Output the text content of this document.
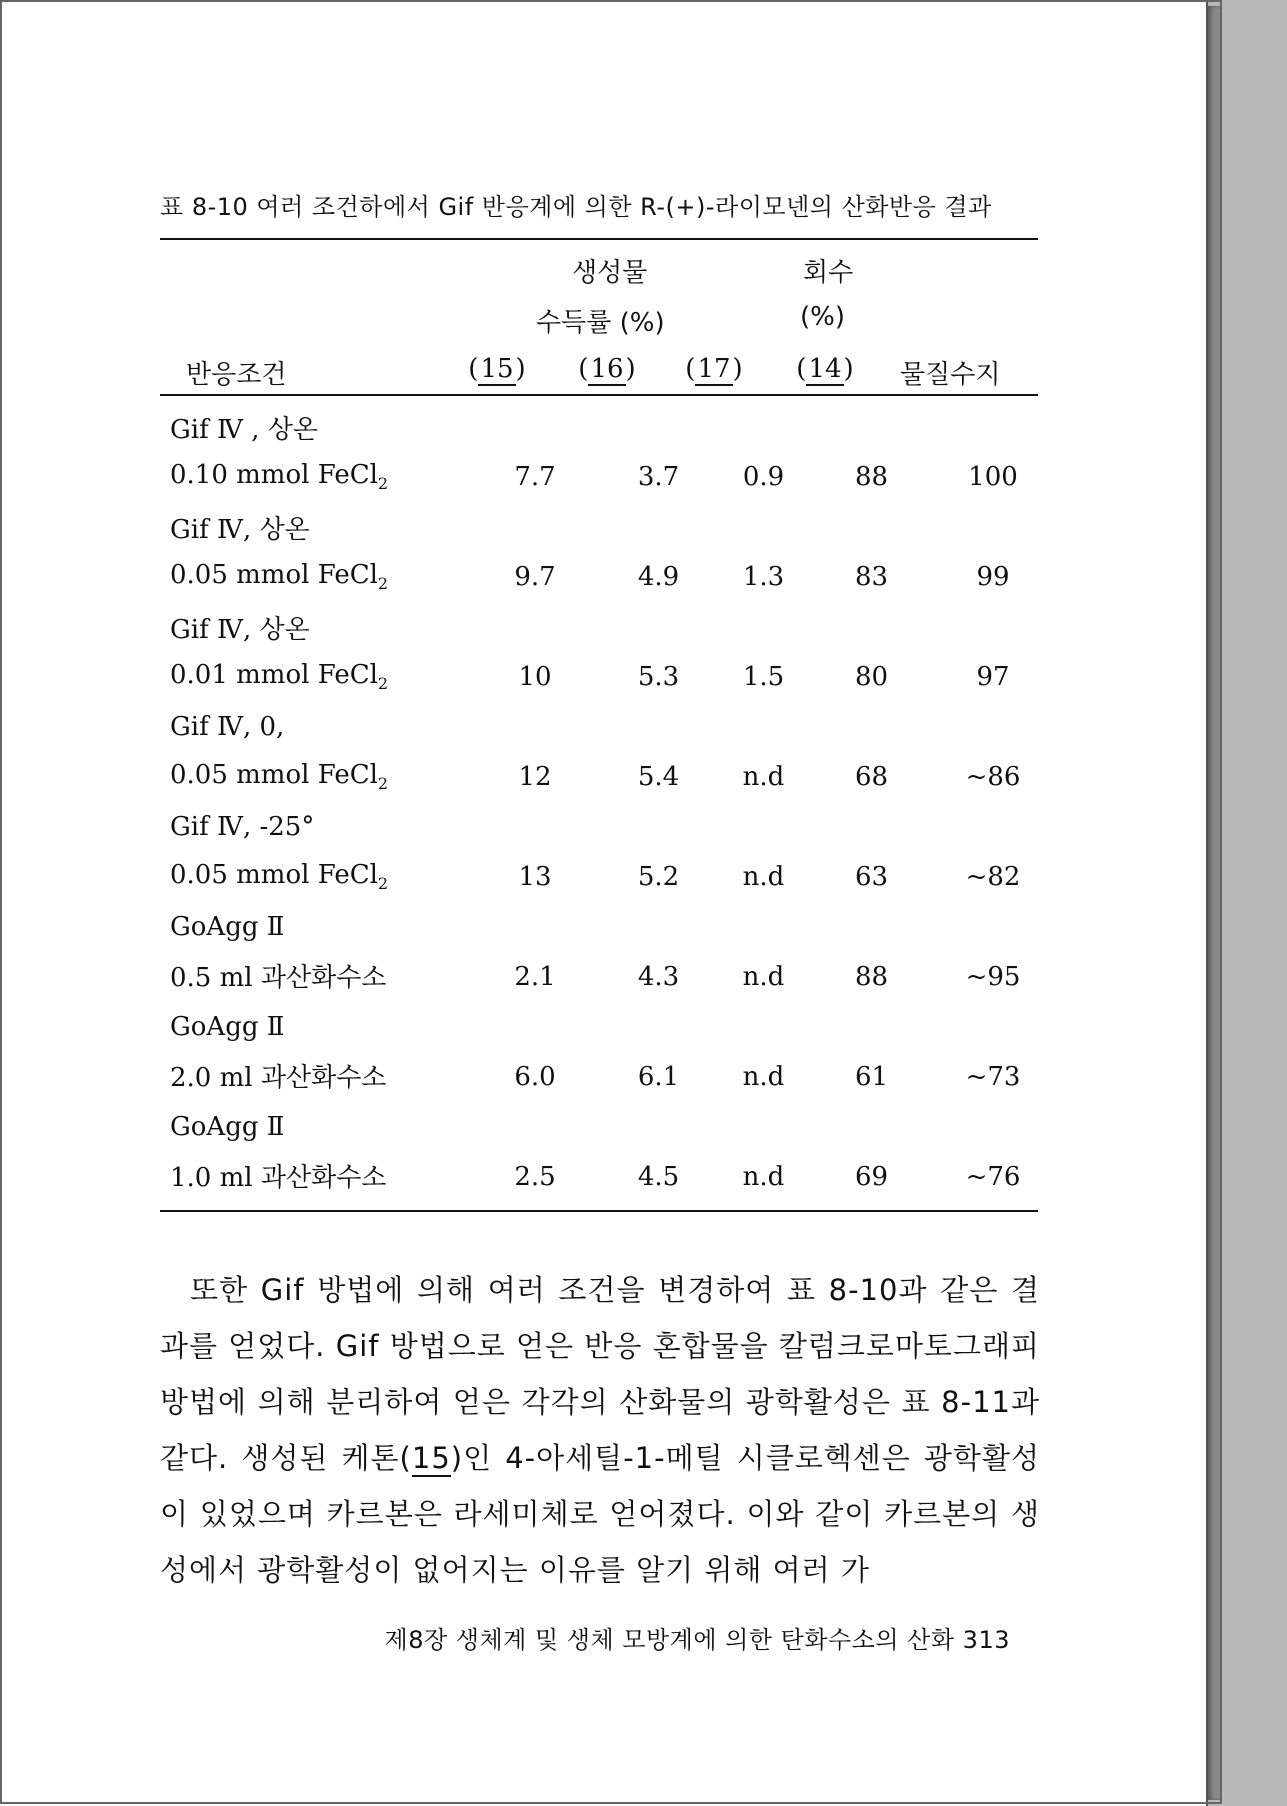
표 8-10 여러 조건하에서 Gif 반응계에 의한 R-(+)-라이모넨의 산화반응 결과
생성물	회수
수득률 (%)	(%)
반응조건	(15) (16) (17) (14) 물질수지
Gif Ⅳ , 상온					
0.10 mmol FeCl$_2$	7.7	3.7	0.9	88	100
Gif Ⅳ, 상온					
0.05 mmol FeCl$_2$	9.7	4.9	1.3	83	99
Gif Ⅳ, 상온					
0.01 mmol FeCl$_2$	10	5.3	1.5	80	97
Gif Ⅳ, 0,					
0.05 mmol FeCl$_2$	12	5.4	n.d	68	~86
Gif Ⅳ, -25°					
0.05 mmol FeCl$_2$	13	5.2	n.d	63	~82
GoAgg Ⅱ					
0.5 ml 과산화수소	2.1	4.3	n.d	88	~95
GoAgg Ⅱ					
2.0 ml 과산화수소	6.0	6.1	n.d	61	~73
GoAgg Ⅱ					
1.0 ml 과산화수소	2.5	4.5	n.d	69	~76

또한 Gif 방법에 의해 여러 조건을 변경하여 표 8-10과 같은 결과를 얻었다. Gif 방법으로 얻은 반응 혼합물을 칼럼크로마토그래피 방법에 의해 분리하여 얻은 각각의 산화물의 광학활성은 표 8-11과 같다. 생성된 케톤(15)인 4-아세틸-1-메틸 시클로헥센은 광학활성이 있었으며 카르본은 라세미체로 얻어졌다. 이와 같이 카르본의 생성에서 광학활성이 없어지는 이유를 알기 위해 여러 가

제8장 생체계 및 생체 모방계에 의한 탄화수소의 산화 313
